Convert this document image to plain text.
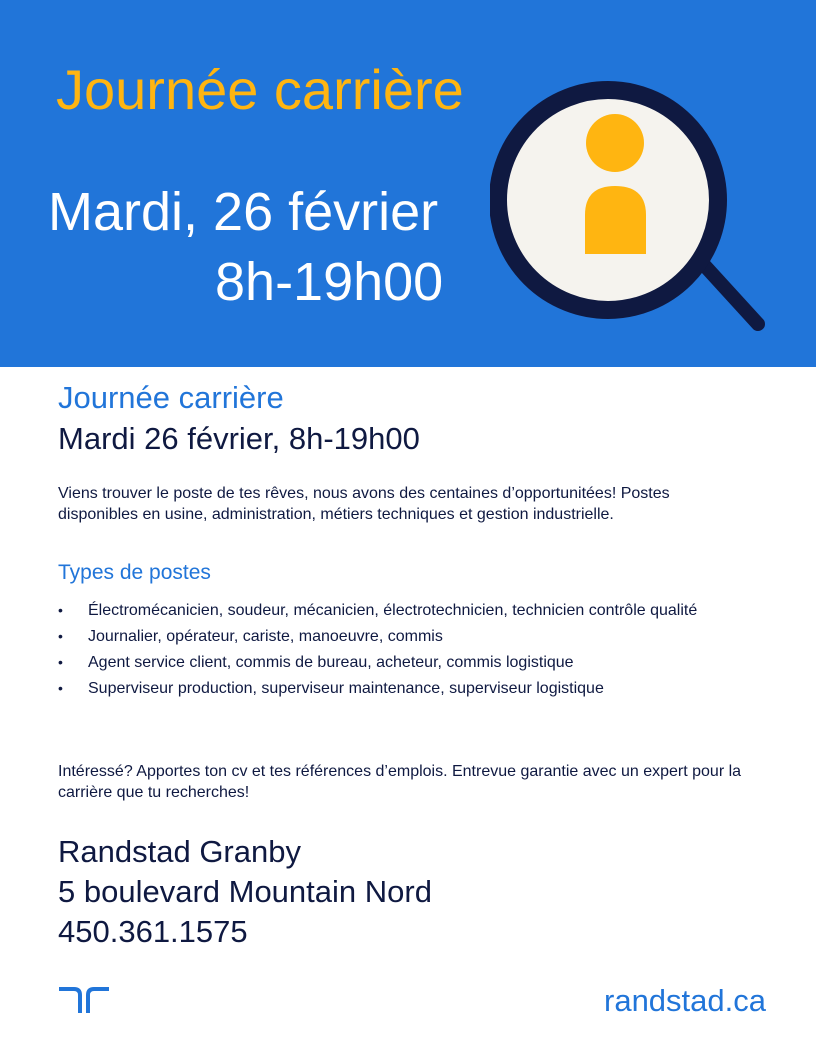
Journée carrière
Mardi, 26 février
8h-19h00
Journée carrière
Mardi 26 février, 8h-19h00
Viens trouver le poste de tes rêves, nous avons des centaines d’opportunitées! Postes disponibles en usine, administration, métiers techniques et gestion industrielle.
Types de postes
• Électromécanicien, soudeur, mécanicien, électrotechnicien, technicien contrôle qualité
• Journalier, opérateur, cariste, manoeuvre, commis
• Agent service client, commis de bureau, acheteur, commis logistique
• Superviseur production, superviseur maintenance, superviseur logistique
Intéressé? Apportes ton cv et tes références d’emplois. Entrevue garantie avec un expert pour la carrière que tu recherches!
Randstad Granby
5 boulevard Mountain Nord
450.361.1575
randstad.ca
